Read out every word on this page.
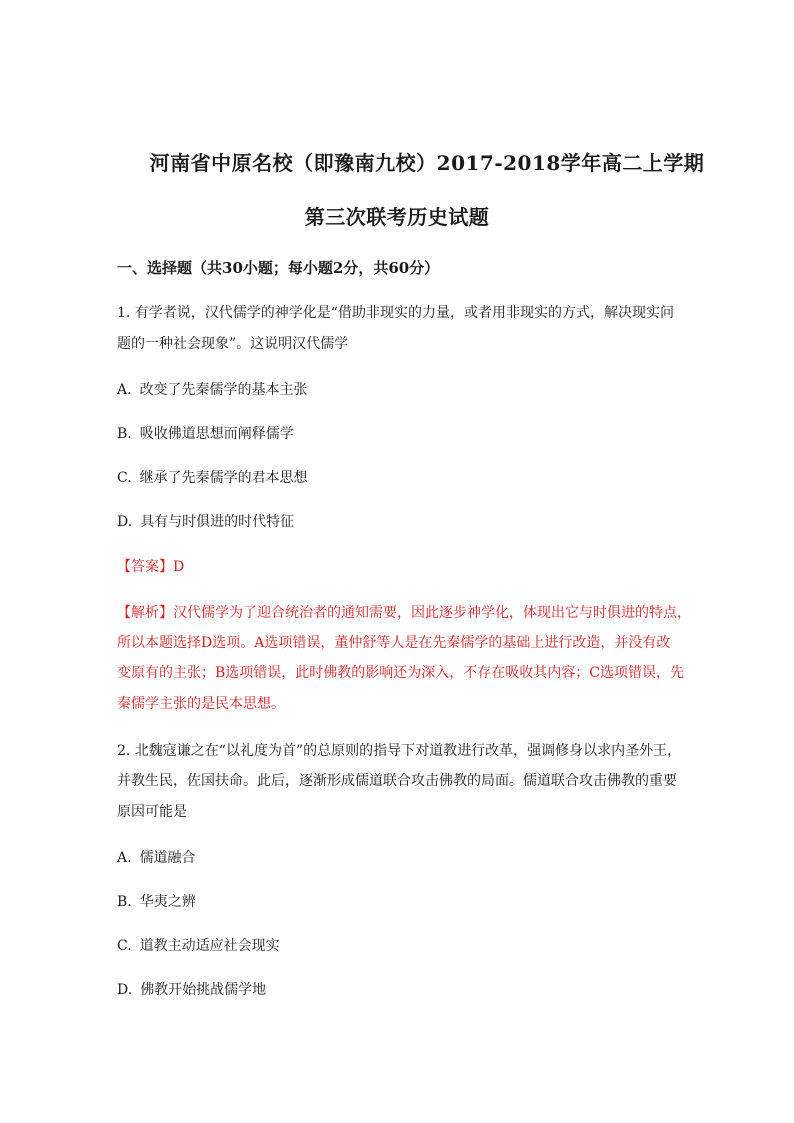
河南省中原名校（即豫南九校）2017-2018学年高二上学期
第三次联考历史试题
一、选择题（共30小题；每小题2分，共60分）
1. 有学者说，汉代儒学的神学化是“借助非现实的力量，或者用非现实的方式，解决现实问
题的一种社会现象”。这说明汉代儒学
A. 改变了先秦儒学的基本主张
B. 吸收佛道思想而阐释儒学
C. 继承了先秦儒学的君本思想
D. 具有与时俱进的时代特征
【答案】D
【解析】汉代儒学为了迎合统治者的通知需要，因此逐步神学化，体现出它与时俱进的特点，
所以本题选择D选项。A选项错误，董仲舒等人是在先秦儒学的基础上进行改造，并没有改
变原有的主张；B选项错误，此时佛教的影响还为深入，不存在吸收其内容；C选项错误，先
秦儒学主张的是民本思想。
2. 北魏寇谦之在“以礼度为首”的总原则的指导下对道教进行改革，强调修身以求内圣外王，
并教生民，佐国扶命。此后，逐渐形成儒道联合攻击佛教的局面。儒道联合攻击佛教的重要
原因可能是
A. 儒道融合
B. 华夷之辨
C. 道教主动适应社会现实
D. 佛教开始挑战儒学地
